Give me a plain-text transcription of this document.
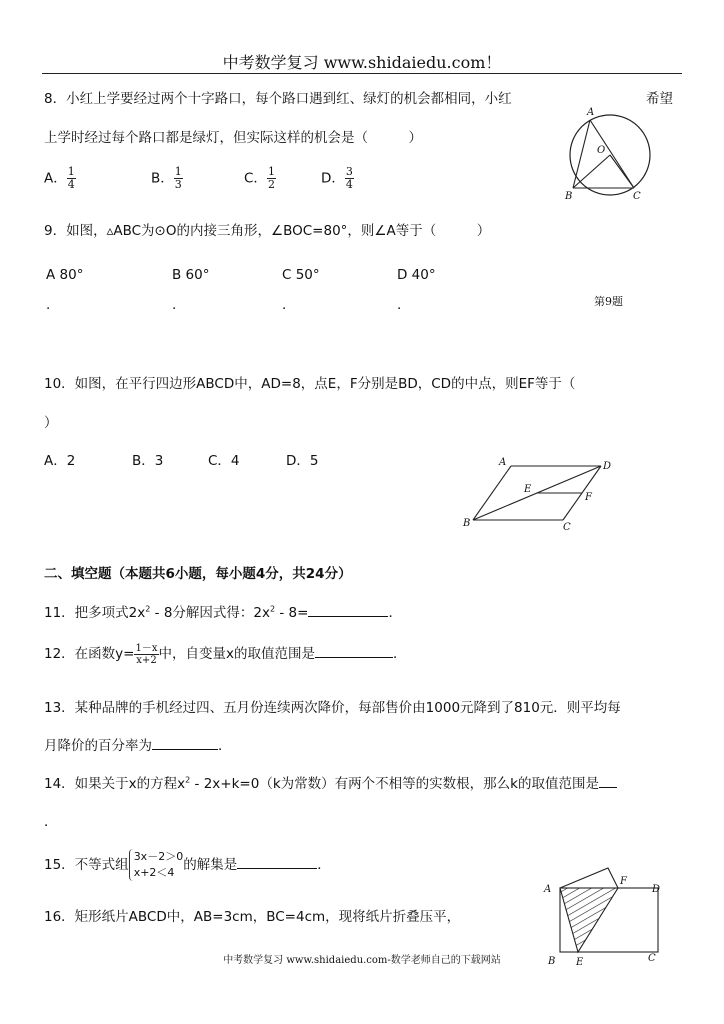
中考数学复习 www.shidaiedu.com！
8．小红上学要经过两个十字路口，每个路口遇到红、绿灯的机会都相同，小红	希望
上学时经过每个路口都是绿灯，但实际这样的机会是（　　　）
A． $\frac{1}{4}$	B． $\frac{1}{3}$	C． $\frac{1}{2}$	D． $\frac{3}{4}$
A
O
B	C
9．如图，▵ABC为⊙O的内接三角形，∠BOC=80°，则∠A等于（　　　）
A 80°	B 60°	C 50°	D 40°
.	.	.	.	第9题
10．如图，在平行四边形ABCD中，AD=8，点E，F分别是BD，CD的中点，则EF等于（
）
A．2	B．3	C．4	D．5	A	D
E
F
B	C
二、填空题（本题共6小题，每小题4分，共24分）
11．把多项式$2x^2 - 8$分解因式得：$2x^2 - 8=$	．
12．在函数$y= \frac{1-x}{x+2}$ 中，自变量x的取值范围是	．
13．某种品牌的手机经过四、五月份连续两次降价，每部售价由1000元降到了810元．则平均每
月降价的百分率为	．
14．如果关于x的方程$x^2 - 2x+k=0(k$为常数）有两个不相等的实数根，那么k的取值范围是
．
15．不等式组
3x－2＞0
x+2＜4 的解集是	．
16．矩形纸片ABCD中，AB=3cm，BC=4cm，现将纸片折叠压平，
A
F
D
B E	C
中考数学复习 www.shidaiedu.com-数学老师自己的下载网站
